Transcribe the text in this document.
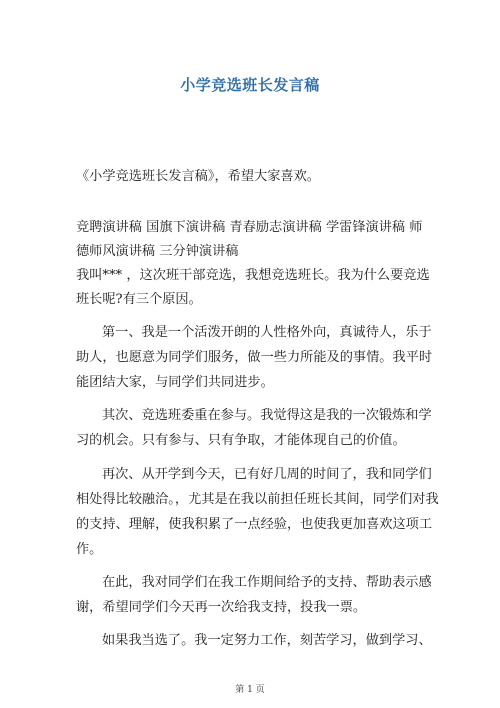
小学竞选班长发言稿
《小学竞选班长发言稿》，希望大家喜欢。
竞聘演讲稿 国旗下演讲稿 青春励志演讲稿 学雷锋演讲稿 师
德师风演讲稿 三分钟演讲稿
我叫*** ，这次班干部竞选，我想竞选班长。我为什么要竞选
班长呢?有三个原因。
第一、我是一个活泼开朗的人性格外向，真诚待人，乐于
助人，也愿意为同学们服务，做一些力所能及的事情。我平时
能团结大家，与同学们共同进步。
其次、竞选班委重在参与。我觉得这是我的一次锻炼和学
习的机会。只有参与、只有争取，才能体现自己的价值。
再次、从开学到今天，已有好几周的时间了，我和同学们
相处得比较融洽。，尤其是在我以前担任班长其间，同学们对我
的支持、理解，使我积累了一点经验，也使我更加喜欢这项工
作。
在此，我对同学们在我工作期间给予的支持、帮助表示感
谢，希望同学们今天再一次给我支持，投我一票。
如果我当选了。我一定努力工作，刻苦学习，做到学习、
第 1 页
